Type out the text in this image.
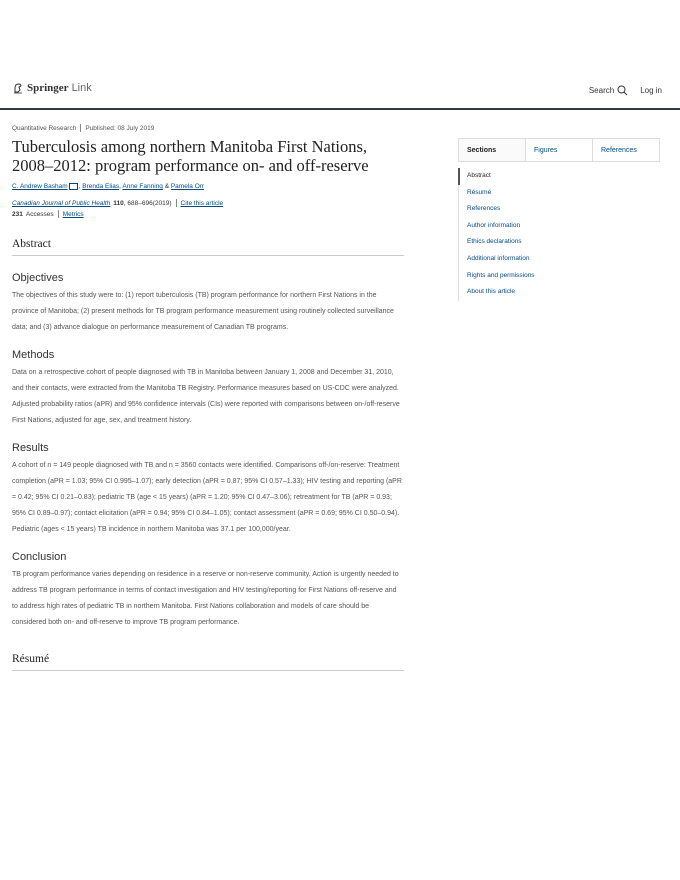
Springer Link	Search	Log in
Quantitative Research Published: 08 July 2019
Tuberculosis among northern Manitoba First Nations, 2008–2012: program performance on- and off-reserve
C. Andrew Basham , Brenda Elias, Anne Fanning & Pamela Orr
Canadian Journal of Public Health 110 , 688–696(2019) Cite this article
231 Accesses Metrics
Abstract
Objectives

The objectives of this study were to: (1) report tuberculosis (TB) program performance for northern First Nations in the province of Manitoba; (2) present methods for TB program performance measurement using routinely collected surveillance data; and (3) advance dialogue on performance measurement of Canadian TB programs.

Methods

Data on a retrospective cohort of people diagnosed with TB in Manitoba between January 1, 2008 and December 31, 2010, and their contacts, were extracted from the Manitoba TB Registry. Performance measures based on US-CDC were analyzed. Adjusted probability ratios (aPR) and 95% confidence intervals (CIs) were reported with comparisons between on-/off-reserve First Nations, adjusted for age, sex, and treatment history.

Results

A cohort of n = 149 people diagnosed with TB and n = 3560 contacts were identified. Comparisons off-/on-reserve: Treatment completion (aPR = 1.03; 95% CI 0.995–1.07); early detection (aPR = 0.87; 95% CI 0.57–1.33); HIV testing and reporting (aPR = 0.42; 95% CI 0.21–0.83); pediatric TB (age < 15 years) (aPR = 1.20; 95% CI 0.47–3.06); retreatment for TB (aPR = 0.93; 95% CI 0.89–0.97); contact elicitation (aPR = 0.94; 95% CI 0.84–1.05); contact assessment (aPR = 0.69; 95% CI 0.50–0.94). Pediatric (ages < 15 years) TB incidence in northern Manitoba was 37.1 per 100,000/year.

Conclusion

TB program performance varies depending on residence in a reserve or non-reserve community. Action is urgently needed to address TB program performance in terms of contact investigation and HIV testing/reporting for First Nations off-reserve and to address high rates of pediatric TB in northern Manitoba. First Nations collaboration and models of care should be considered both on- and off-reserve to improve TB program performance.

Résumé
Sections	Figures	References
Abstract
Résumé
References
Author information
Ethics declarations
Additional information
Rights and permissions
About this article
